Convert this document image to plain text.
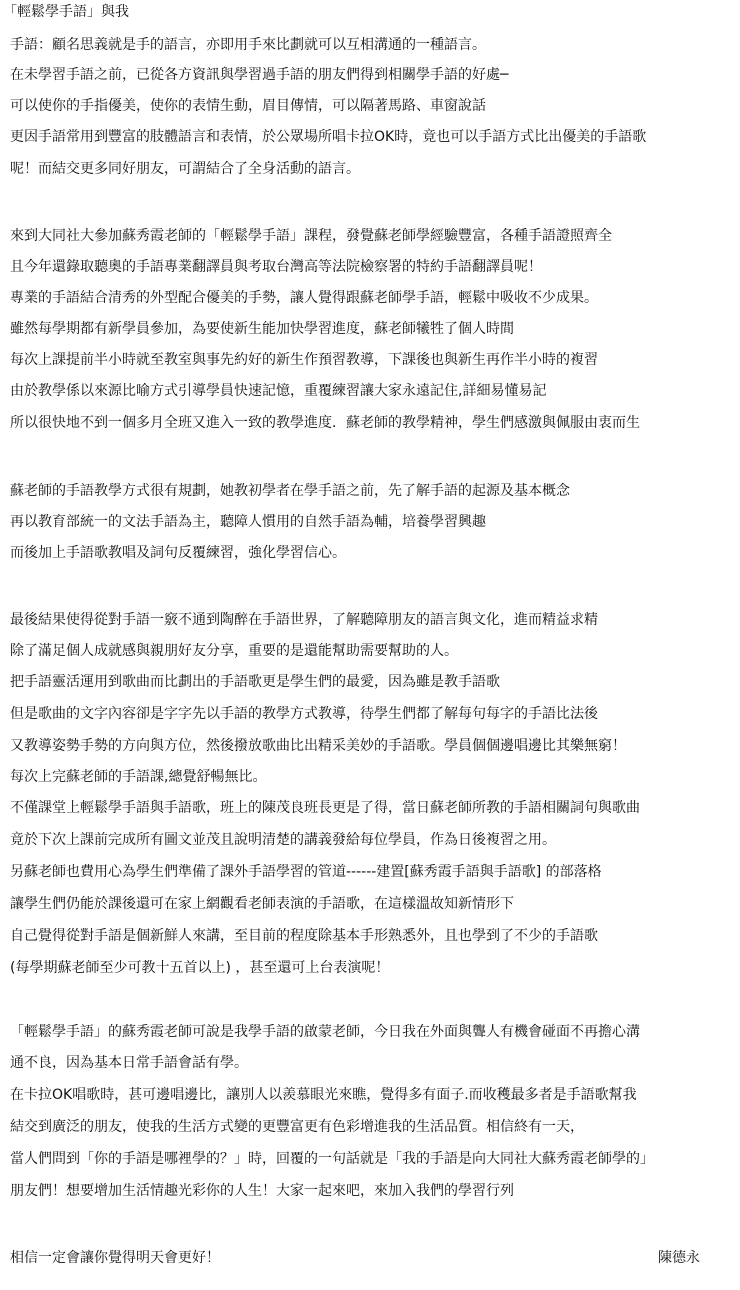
「輕鬆學手語」與我
手語：顧名思義就是手的語言，亦即用手來比劃就可以互相溝通的一種語言。
在未學習手語之前，已從各方資訊與學習過手語的朋友們得到相關學手語的好處─
可以使你的手指優美，使你的表情生動，眉目傳情，可以隔著馬路、車窗說話
更因手語常用到豐富的肢體語言和表情，於公眾場所唱卡拉OK時，竟也可以手語方式比出優美的手語歌
呢！而結交更多同好朋友，可謂結合了全身活動的語言。
來到大同社大參加蘇秀霞老師的「輕鬆學手語」課程，發覺蘇老師學經驗豐富，各種手語證照齊全
且今年還錄取聽奧的手語專業翻譯員與考取台灣高等法院檢察署的特約手語翻譯員呢！
專業的手語結合清秀的外型配合優美的手勢，讓人覺得跟蘇老師學手語，輕鬆中吸收不少成果。
雖然每學期都有新學員參加，為要使新生能加快學習進度，蘇老師犧牲了個人時間
每次上課提前半小時就至教室與事先約好的新生作預習教導，下課後也與新生再作半小時的複習
由於教學係以來源比喻方式引導學員快速記憶，重覆練習讓大家永遠記住,詳細易懂易記
所以很快地不到一個多月全班又進入一致的教學進度．蘇老師的教學精神，學生們感激與佩服由衷而生
蘇老師的手語教學方式很有規劃，她教初學者在學手語之前，先了解手語的起源及基本概念
再以教育部統一的文法手語為主，聽障人慣用的自然手語為輔，培養學習興趣
而後加上手語歌教唱及詞句反覆練習，強化學習信心。
最後結果使得從對手語一竅不通到陶醉在手語世界，了解聽障朋友的語言與文化，進而精益求精
除了滿足個人成就感與親朋好友分享，重要的是還能幫助需要幫助的人。
把手語靈活運用到歌曲而比劃出的手語歌更是學生們的最愛，因為雖是教手語歌
但是歌曲的文字內容卻是字字先以手語的教學方式教導，待學生們都了解每句每字的手語比法後
又教導姿勢手勢的方向與方位，然後撥放歌曲比出精采美妙的手語歌。學員個個邊唱邊比其樂無窮！
每次上完蘇老師的手語課,總覺舒暢無比。
不僅課堂上輕鬆學手語與手語歌，班上的陳茂良班長更是了得，當日蘇老師所教的手語相關詞句與歌曲
竟於下次上課前完成所有圖文並茂且說明清楚的講義發給每位學員，作為日後複習之用。
另蘇老師也費用心為學生們準備了課外手語學習的管道------建置[蘇秀霞手語與手語歌] 的部落格
讓學生們仍能於課後還可在家上網觀看老師表演的手語歌，在這樣溫故知新情形下
自己覺得從對手語是個新鮮人來講，至目前的程度除基本手形熟悉外，且也學到了不少的手語歌
(每學期蘇老師至少可教十五首以上) ，甚至還可上台表演呢！
「輕鬆學手語」的蘇秀霞老師可說是我學手語的啟蒙老師，今日我在外面與聾人有機會碰面不再擔心溝
通不良，因為基本日常手語會話有學。
在卡拉OK唱歌時，甚可邊唱邊比，讓別人以羨慕眼光來瞧，覺得多有面子.而收穫最多者是手語歌幫我
結交到廣泛的朋友，使我的生活方式變的更豐富更有色彩增進我的生活品質。相信終有一天，
當人們問到「你的手語是哪裡學的？」時，回覆的一句話就是「我的手語是向大同社大蘇秀霞老師學的」
朋友們！想要增加生活情趣光彩你的人生！大家一起來吧，來加入我們的學習行列
相信一定會讓你覺得明天會更好！	陳德永
